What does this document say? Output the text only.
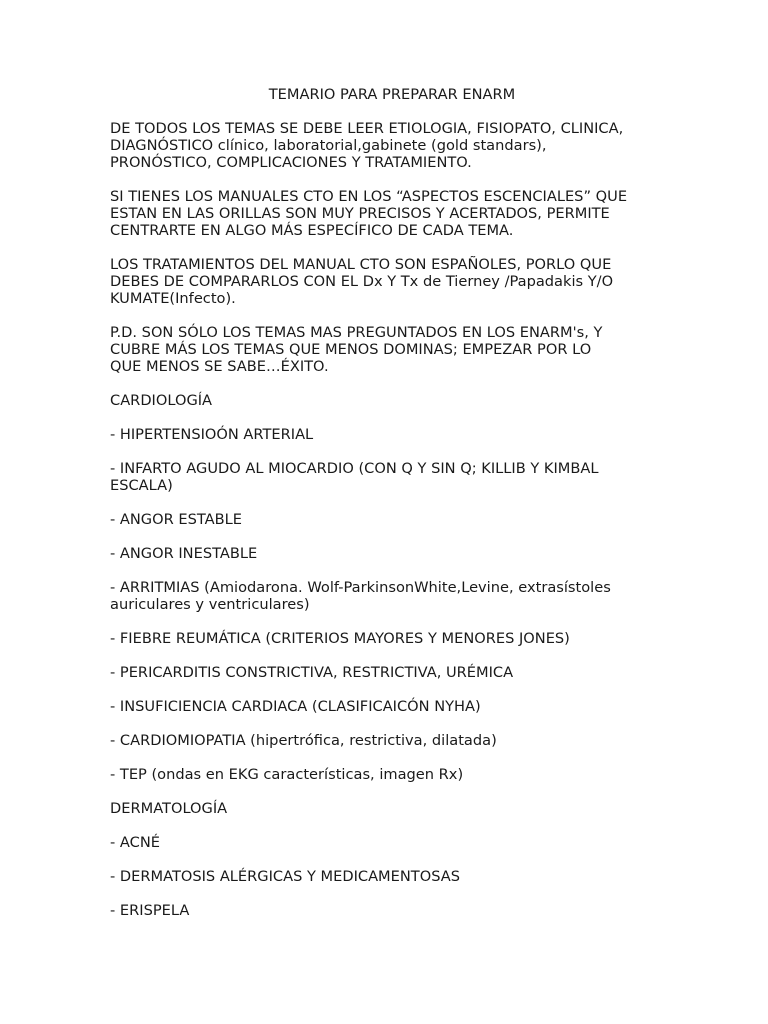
TEMARIO PARA PREPARAR ENARM
DE TODOS LOS TEMAS SE DEBE LEER ETIOLOGIA, FISIOPATO, CLINICA,
DIAGNÓSTICO clínico, laboratorial,gabinete (gold standars),
PRONÓSTICO, COMPLICACIONES Y TRATAMIENTO.
SI TIENES LOS MANUALES CTO EN LOS “ASPECTOS ESCENCIALES” QUE
ESTAN EN LAS ORILLAS SON MUY PRECISOS Y ACERTADOS, PERMITE
CENTRARTE EN ALGO MÁS ESPECÍFICO DE CADA TEMA.
LOS TRATAMIENTOS DEL MANUAL CTO SON ESPAÑOLES, PORLO QUE
DEBES DE COMPARARLOS CON EL Dx Y Tx de Tierney /Papadakis Y/O
KUMATE(Infecto).
P.D. SON SÓLO LOS TEMAS MAS PREGUNTADOS EN LOS ENARM's, Y
CUBRE MÁS LOS TEMAS QUE MENOS DOMINAS; EMPEZAR POR LO
QUE MENOS SE SABE…ÉXITO.
CARDIOLOGÍA
- HIPERTENSIOÓN ARTERIAL
- INFARTO AGUDO AL MIOCARDIO (CON Q Y SIN Q; KILLIB Y KIMBAL
ESCALA)
- ANGOR ESTABLE
- ANGOR INESTABLE
- ARRITMIAS (Amiodarona. Wolf-ParkinsonWhite,Levine, extrasístoles
auriculares y ventriculares)
- FIEBRE REUMÁTICA (CRITERIOS MAYORES Y MENORES JONES)
- PERICARDITIS CONSTRICTIVA, RESTRICTIVA, URÉMICA
- INSUFICIENCIA CARDIACA (CLASIFICAICÓN NYHA)
- CARDIOMIOPATIA (hipertrófica, restrictiva, dilatada)
- TEP (ondas en EKG características, imagen Rx)
DERMATOLOGÍA
- ACNÉ
- DERMATOSIS ALÉRGICAS Y MEDICAMENTOSAS
- ERISPELA
